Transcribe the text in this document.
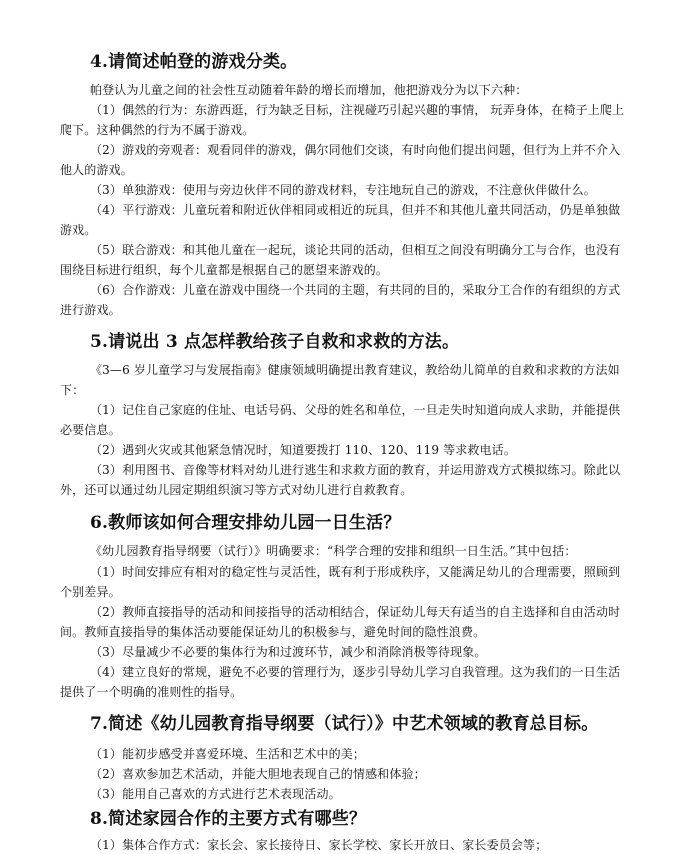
4.请简述帕登的游戏分类。

帕登认为儿童之间的社会性互动随着年龄的增长而增加，他把游戏分为以下六种：

（1）偶然的行为：东游西逛，行为缺乏目标，注视碰巧引起兴趣的事情， 玩弄身体，在椅子上爬上

爬下。这种偶然的行为不属于游戏。

（2）游戏的旁观者：观看同伴的游戏，偶尔同他们交谈，有时向他们提出问题，但行为上并不介入

他人的游戏。

（3）单独游戏：使用与旁边伙伴不同的游戏材料，专注地玩自己的游戏，不注意伙伴做什么。

（4）平行游戏：儿童玩着和附近伙伴相同或相近的玩具，但并不和其他儿童共同活动，仍是单独做

游戏。

（5）联合游戏：和其他儿童在一起玩，谈论共同的活动，但相互之间没有明确分工与合作，也没有

围绕目标进行组织，每个儿童都是根据自己的愿望来游戏的。

（6）合作游戏：儿童在游戏中围绕一个共同的主题，有共同的目的，采取分工合作的有组织的方式

进行游戏。

5.请说出 3 点怎样教给孩子自救和求救的方法。

《3—6 岁儿童学习与发展指南》健康领域明确提出教育建议，教给幼儿简单的自救和求救的方法如

下：

（1）记住自己家庭的住址、电话号码、父母的姓名和单位，一旦走失时知道向成人求助，并能提供

必要信息。

（2）遇到火灾或其他紧急情况时，知道要拨打 110、120、119 等求救电话。

（3）利用图书、音像等材料对幼儿进行逃生和求救方面的教育，并运用游戏方式模拟练习。除此以

外，还可以通过幼儿园定期组织演习等方式对幼儿进行自救教育。

6.教师该如何合理安排幼儿园一日生活？

《幼儿园教育指导纲要（试行）》明确要求：“科学合理的安排和组织一日生活。”其中包括：

（1）时间安排应有相对的稳定性与灵活性，既有利于形成秩序，又能满足幼儿的合理需要，照顾到

个别差异。

（2）教师直接指导的活动和间接指导的活动相结合，保证幼儿每天有适当的自主选择和自由活动时

间。教师直接指导的集体活动要能保证幼儿的积极参与，避免时间的隐性浪费。

（3）尽量减少不必要的集体行为和过渡环节，减少和消除消极等待现象。

（4）建立良好的常规，避免不必要的管理行为，逐步引导幼儿学习自我管理。这为我们的一日生活

提供了一个明确的准则性的指导。

7.简述《幼儿园教育指导纲要（试行）》中艺术领域的教育总目标。

（1）能初步感受并喜爱环境、生活和艺术中的美；

（2）喜欢参加艺术活动，并能大胆地表现自己的情感和体验；

（3）能用自己喜欢的方式进行艺术表现活动。

8.简述家园合作的主要方式有哪些？

（1）集体合作方式：家长会、家长接待日、家长学校、家长开放日、家长委员会等；
